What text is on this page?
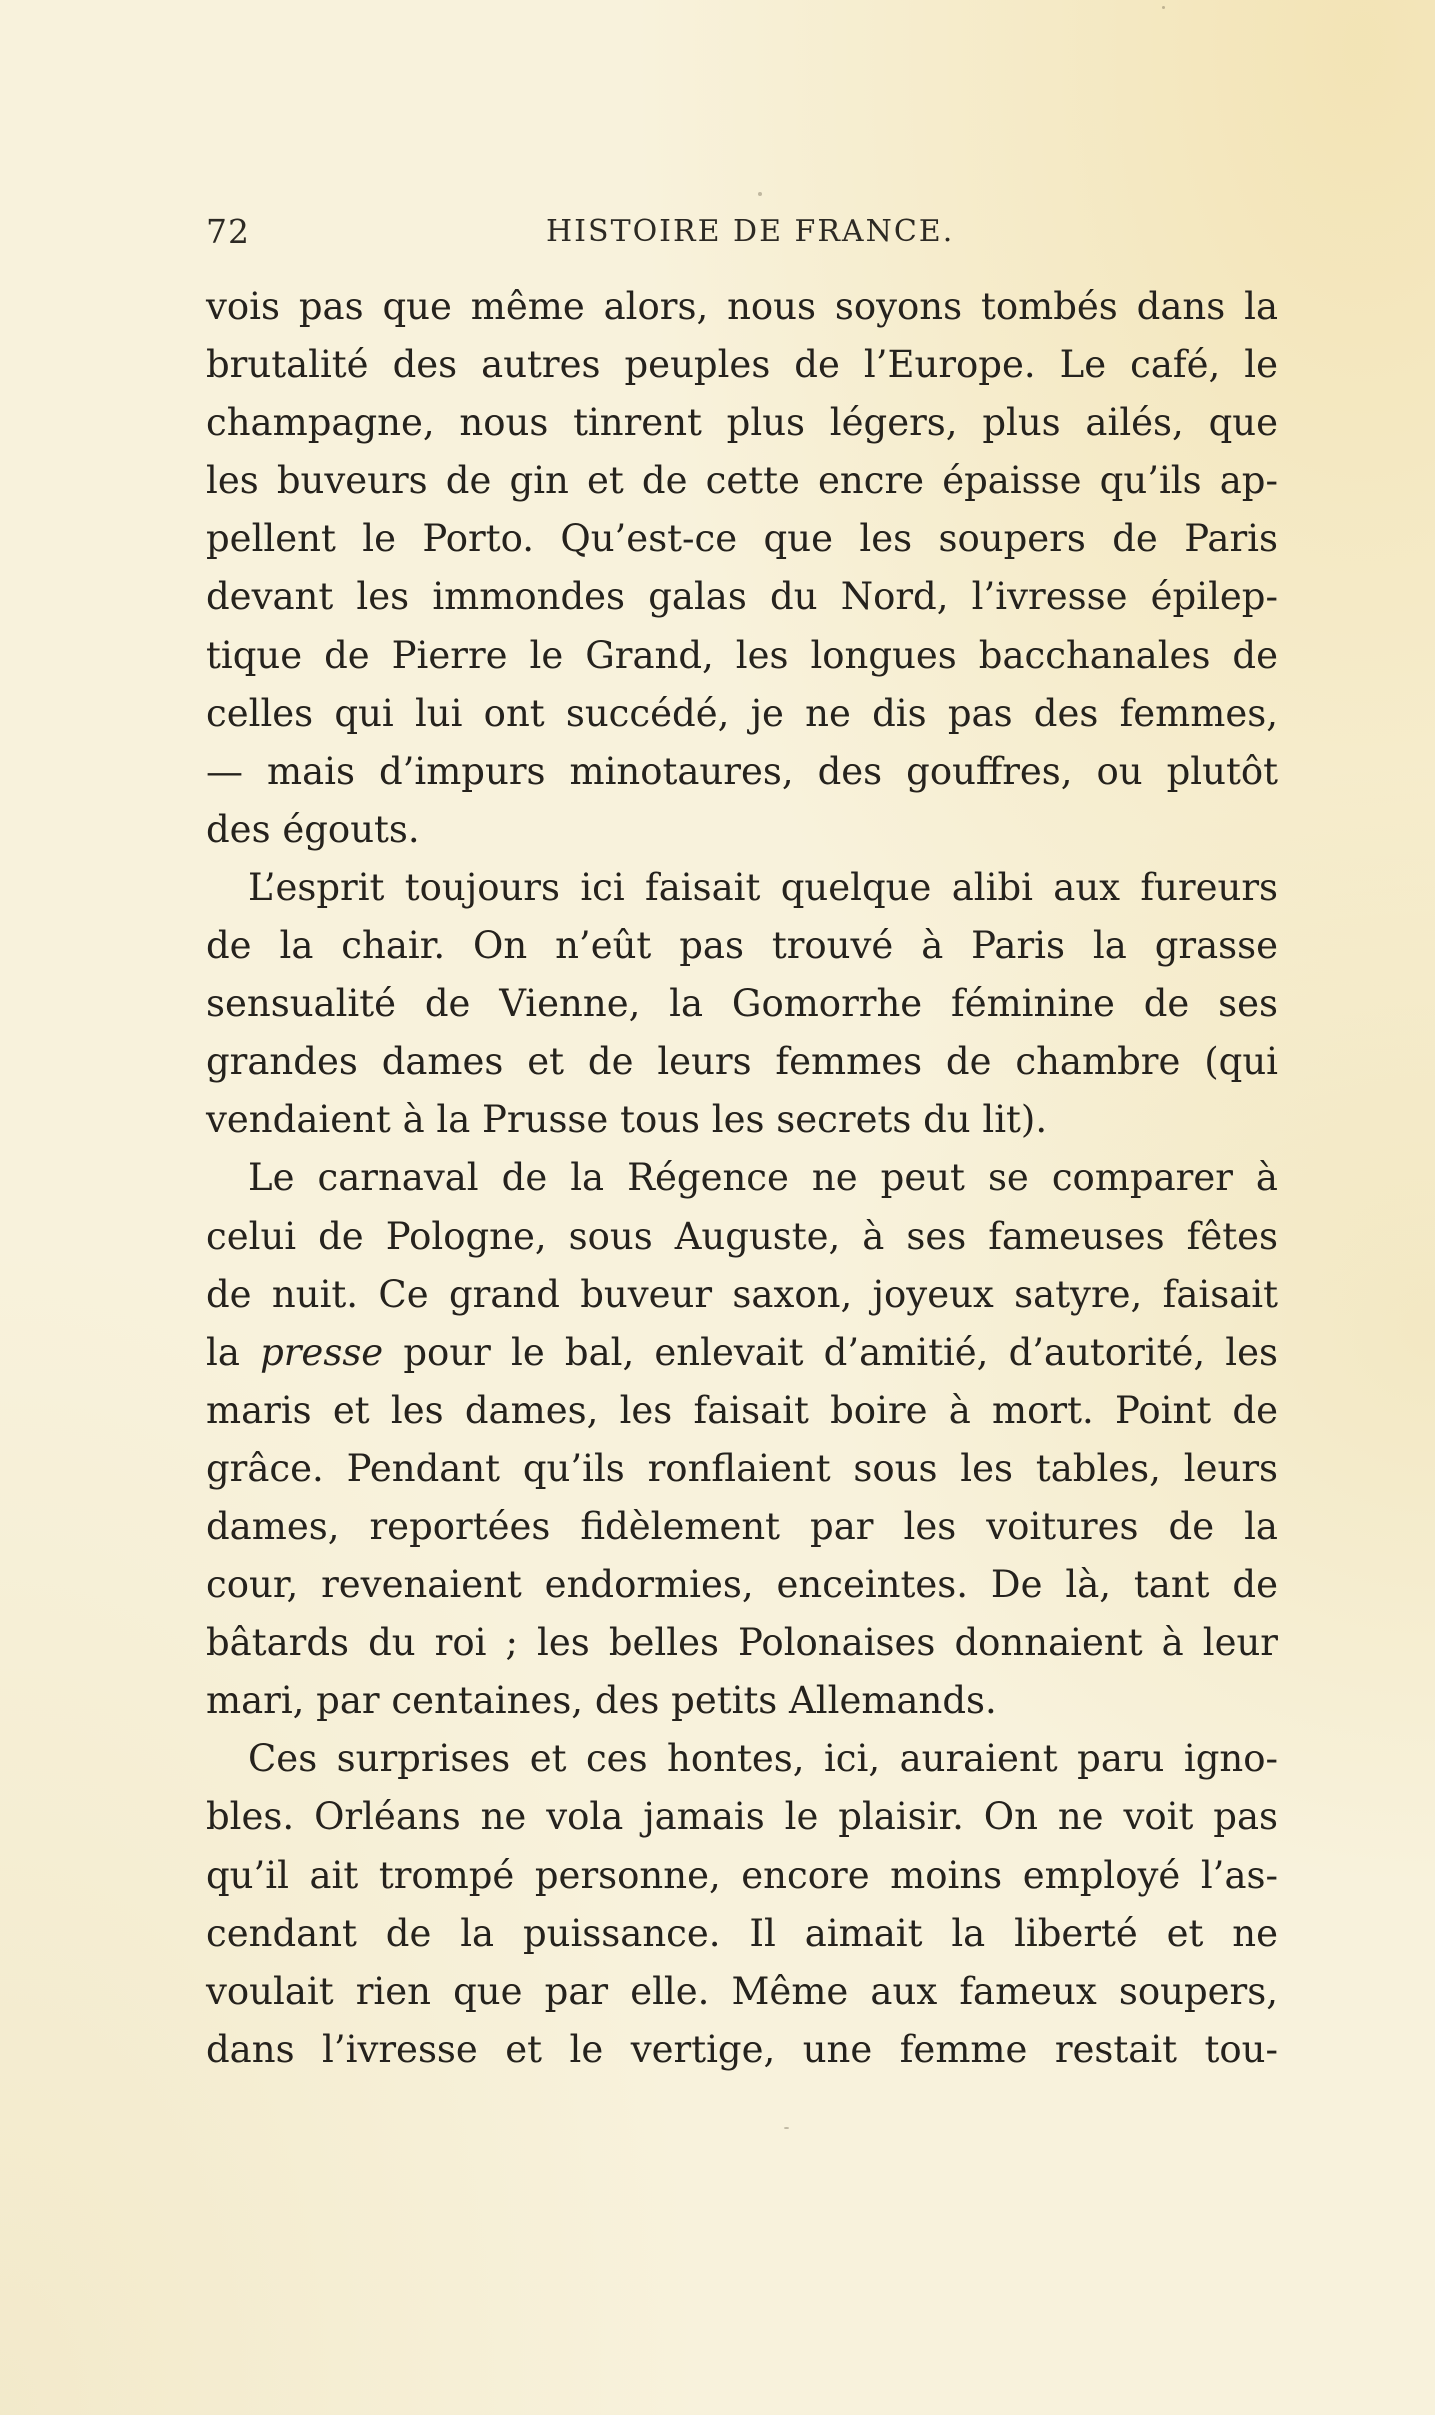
72	HISTOIRE DE FRANCE.
vois pas que même alors, nous soyons tombés dans la
brutalité des autres peuples de l’Europe. Le café, le
champagne, nous tinrent plus légers, plus ailés, que
les buveurs de gin et de cette encre épaisse qu’ils ap-
pellent le Porto. Qu’est-ce que les soupers de Paris
devant les immondes galas du Nord, l’ivresse épilep-
tique de Pierre le Grand, les longues bacchanales de
celles qui lui ont succédé, je ne dis pas des femmes,
— mais d’impurs minotaures, des gouffres, ou plutôt
des égouts.
L’esprit toujours ici faisait quelque alibi aux fureurs
de la chair. On n’eût pas trouvé à Paris la grasse
sensualité de Vienne, la Gomorrhe féminine de ses
grandes dames et de leurs femmes de chambre (qui
vendaient à la Prusse tous les secrets du lit).
Le carnaval de la Régence ne peut se comparer à
celui de Pologne, sous Auguste, à ses fameuses fêtes
de nuit. Ce grand buveur saxon, joyeux satyre, faisait
la presse pour le bal, enlevait d’amitié, d’autorité, les
maris et les dames, les faisait boire à mort. Point de
grâce. Pendant qu’ils ronflaient sous les tables, leurs
dames, reportées fidèlement par les voitures de la
cour, revenaient endormies, enceintes. De là, tant de
bâtards du roi ; les belles Polonaises donnaient à leur
mari, par centaines, des petits Allemands.
Ces surprises et ces hontes, ici, auraient paru igno-
bles. Orléans ne vola jamais le plaisir. On ne voit pas
qu’il ait trompé personne, encore moins employé l’as-
cendant de la puissance. Il aimait la liberté et ne
voulait rien que par elle. Même aux fameux soupers,
dans l’ivresse et le vertige, une femme restait tou-
